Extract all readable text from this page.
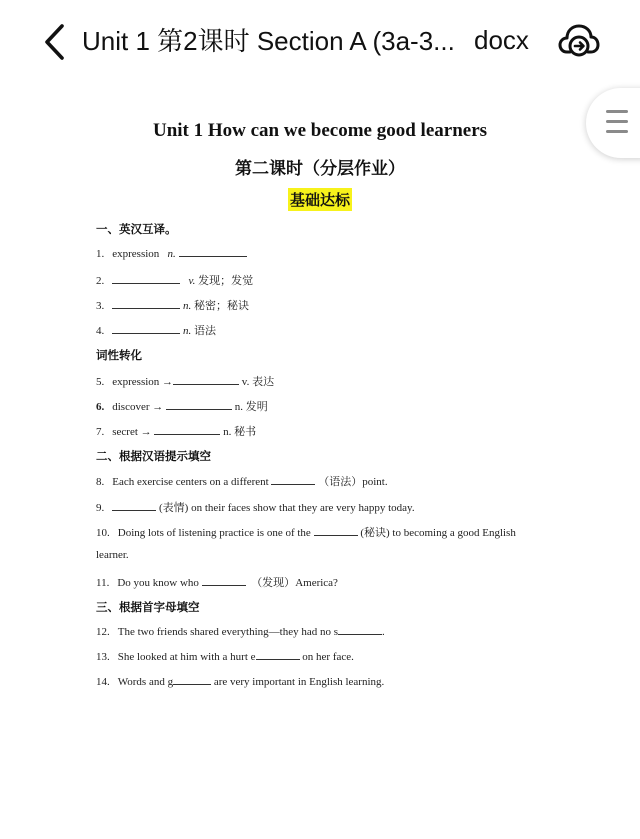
Unit 1 第2课时 Section A (3a-3... docx
Unit 1 How can we become good learners
第二课时（分层作业）
基础达标
一、英汉互译。
1. expression n.
2.	v. 发现；发觉
3.	n. 秘密；秘诀
4.	n. 语法
词性转化
5. expression →	v. 表达
6. discover →	n. 发明
7. secret →	n. 秘书
二、根据汉语提示填空
8. Each exercise centers on a different	（语法）point.
9.	(表情) on their faces show that they are very happy today.
10. Doing lots of listening practice is one of the	(秘诀) to becoming a good English
learner.
11. Do you know who	（发现）America?
三、根据首字母填空
12. The two friends shared everything—they had no s	.
13. She looked at him with a hurt e	on her face.
14. Words and g	are very important in English learning.
